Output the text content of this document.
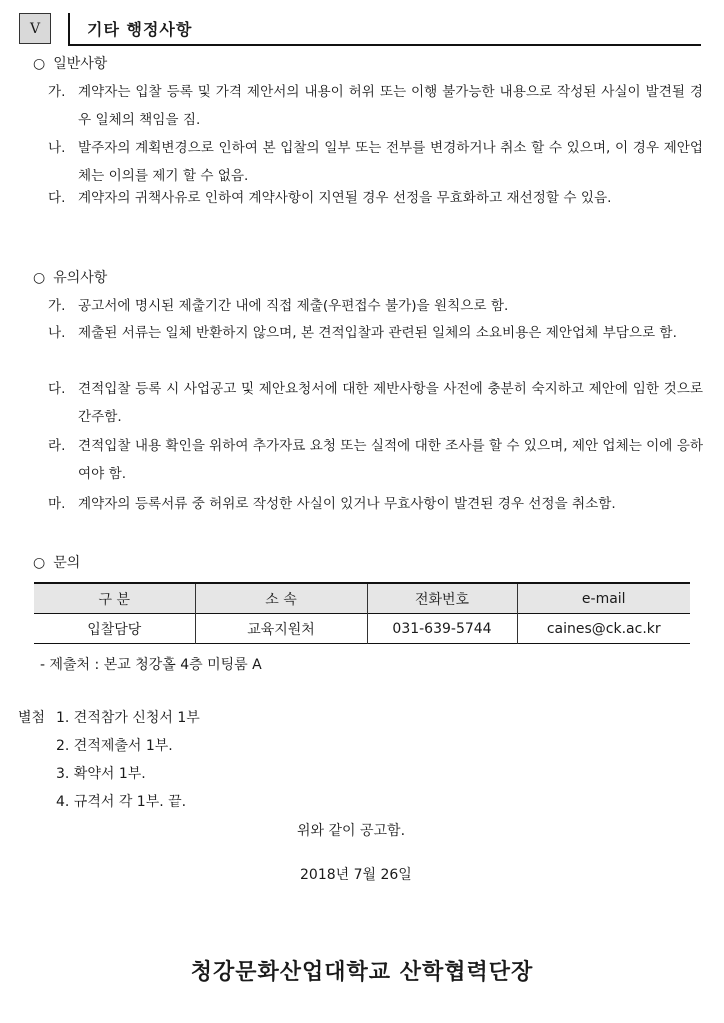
V	기타 행정사항
○ 일반사항
가. 계약자는 입찰 등록 및 가격 제안서의 내용이 허위 또는 이행 불가능한 내용으로 작성된 사실이 발견될 경우 일체의 책임을 짐.
나. 발주자의 계획변경으로 인하여 본 입찰의 일부 또는 전부를 변경하거나 취소 할 수 있으며, 이 경우 제안업체는 이의를 제기 할 수 없음.
다. 계약자의 귀책사유로 인하여 계약사항이 지연될 경우 선정을 무효화하고 재선정할 수 있음.
○ 유의사항
가. 공고서에 명시된 제출기간 내에 직접 제출(우편접수 불가)을 원칙으로 함.
나. 제출된 서류는 일체 반환하지 않으며, 본 견적입찰과 관련된 일체의 소요비용은 제안업체 부담으로 함.
다. 견적입찰 등록 시 사업공고 및 제안요청서에 대한 제반사항을 사전에 충분히 숙지하고 제안에 임한 것으로 간주함.
라. 견적입찰 내용 확인을 위하여 추가자료 요청 또는 실적에 대한 조사를 할 수 있으며, 제안 업체는 이에 응하여야 함.
마. 계약자의 등록서류 중 허위로 작성한 사실이 있거나 무효사항이 발견된 경우 선정을 취소함.
○ 문의
구 분	소 속	전화번호	e-mail
입찰담당	교육지원처	031-639-5744	caines@ck.ac.kr
- 제출처 : 본교 청강홀 4층 미팅룸 A
별첨 1. 견적참가 신청서 1부
2. 견적제출서 1부.
3. 확약서 1부.
4. 규격서 각 1부. 끝.
위와 같이 공고함.
2018년 7월 26일
청강문화산업대학교 산학협력단장
